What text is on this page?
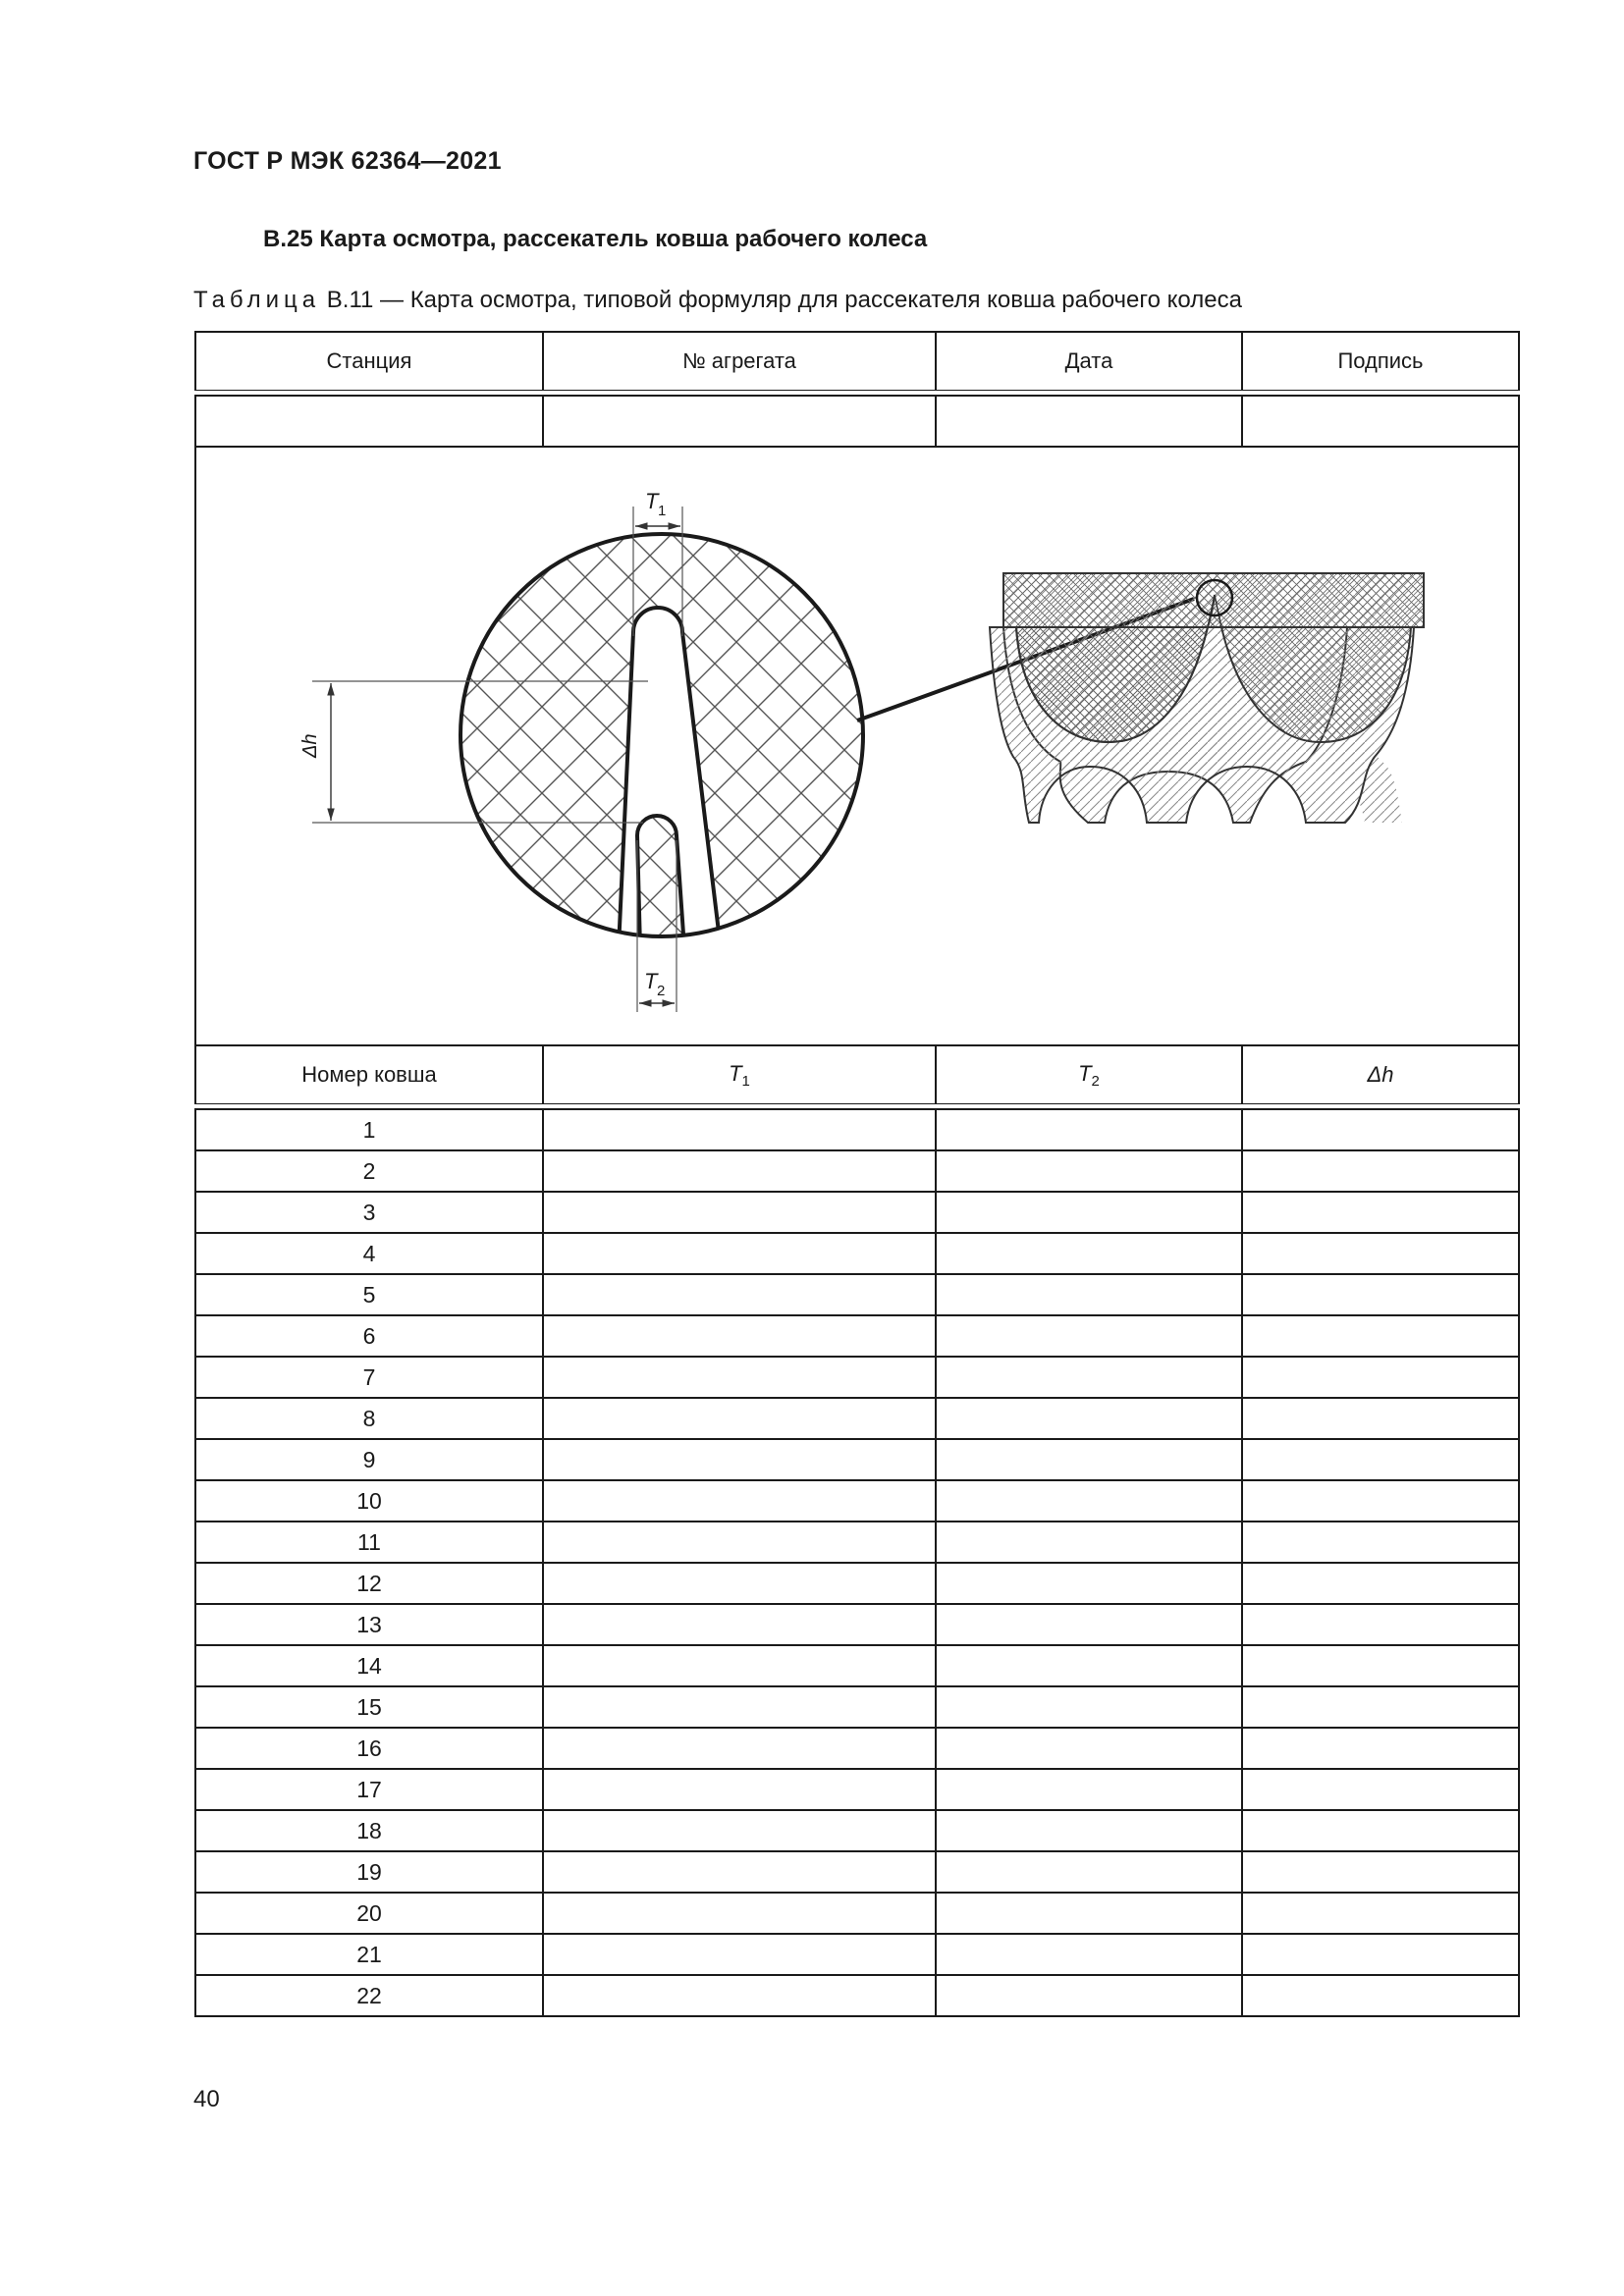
ГОСТ Р МЭК 62364—2021
B.25 Карта осмотра, рассекатель ковша рабочего колеса
Таблица B.11 — Карта осмотра, типовой формуляр для рассекателя ковша рабочего колеса
Станция	№ агрегата	Дата	Подпись

T 1
T 2
Δh			

Номер ковша	$T_1$	$T_2$	Δh

1			
2			
3			
4			
5			
6			
7			
8			
9			
10			
11			
12			
13			
14			
15			
16			
17			
18			
19			
20			
21			
22			
40
